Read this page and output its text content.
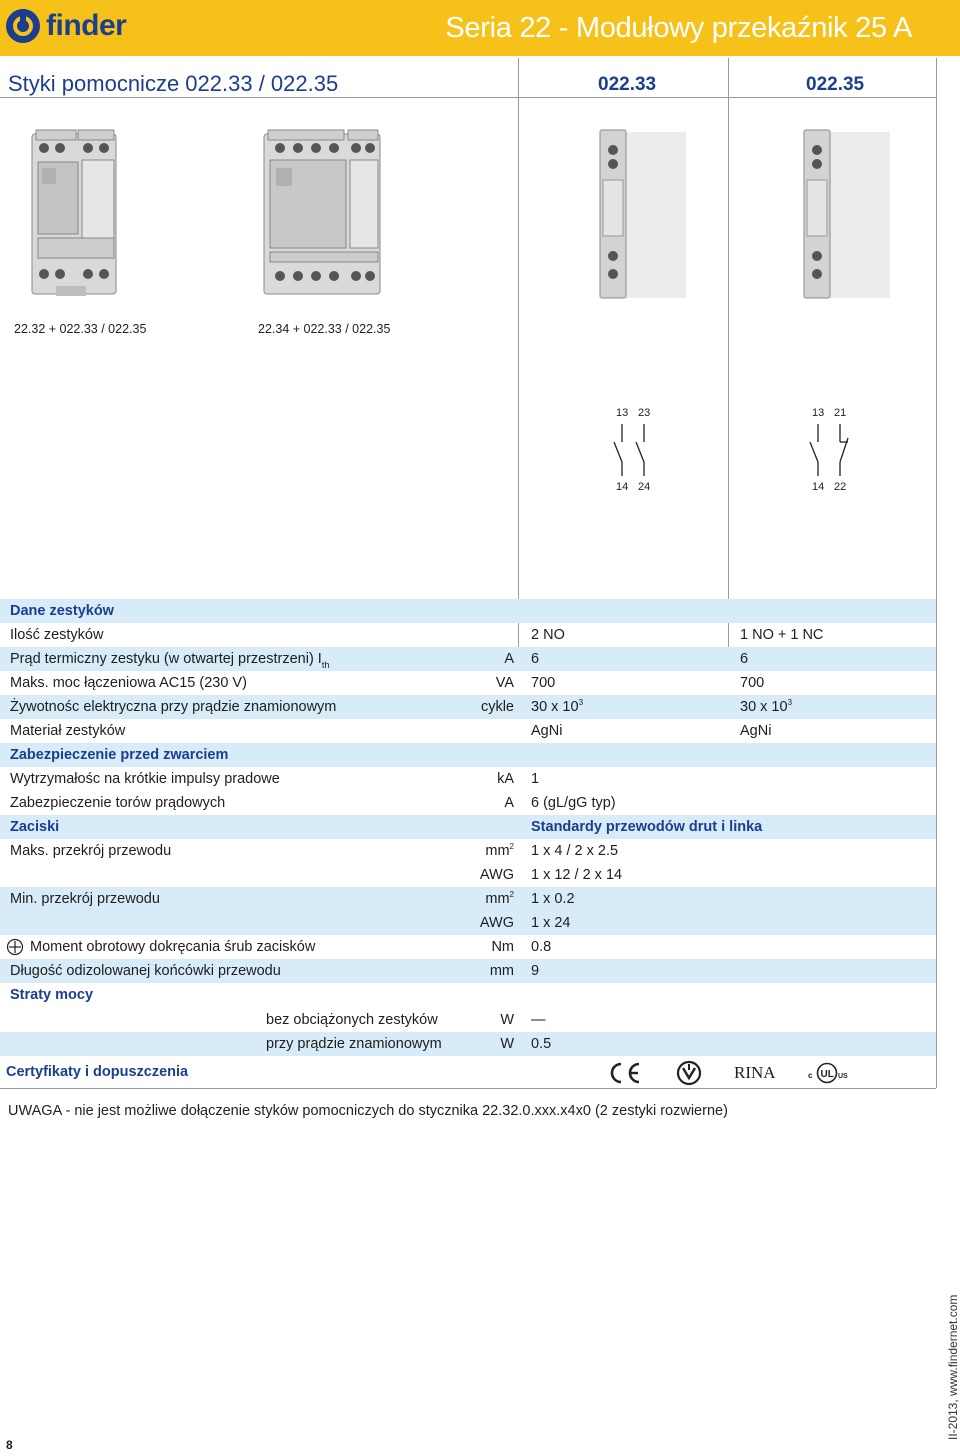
finder	Seria 22 - Modułowy przekaźnik 25 A
Styki pomocnicze 022.33 / 022.35	022.33	022.35
22.32 + 022.33 / 022.35	22.34 + 022.33 / 022.35
13 23
14 24
13 21
14 22
Dane zestyków
Ilość zestyków	2 NO	1 NO + 1 NC
Prąd termiczny zestyku (w otwartej przestrzeni) $I_{th}$	A 6	6
Maks. moc łączeniowa AC15 (230 V)	VA 700	700
Żywotnośc elektryczna przy prądzie znamionowym	cykle 30 x $10^3$	30 x $10^3$
Materiał zestyków	AgNi	AgNi
Zabezpieczenie przed zwarciem
Wytrzymałośc na krótkie impulsy pradowe	kA 1
Zabezpieczenie torów prądowych	A 6 (gL/gG typ)
Zaciski	Standardy przewodów drut i linka
Maks. przekrój przewodu	$mm^2$ 1 x 4 / 2 x 2.5
AWG 1 x 12 / 2 x 14
Min. przekrój przewodu	$mm^2$ 1 x 0.2
AWG 1 x 24
Moment obrotowy dokręcania śrub zacisków	Nm 0.8
Długość odizolowanej końcówki przewodu	mm 9
Straty mocy
bez obciążonych zestyków	W —
przy prądzie znamionowym	W 0.5
Certyfikaty i dopuszczenia	RINA	c UL US
UWAGA - nie jest możliwe dołączenie styków pomocniczych do stycznika 22.32.0.xxx.x4x0 (2 zestyki rozwierne)
8
II-2013, www.findernet.com
